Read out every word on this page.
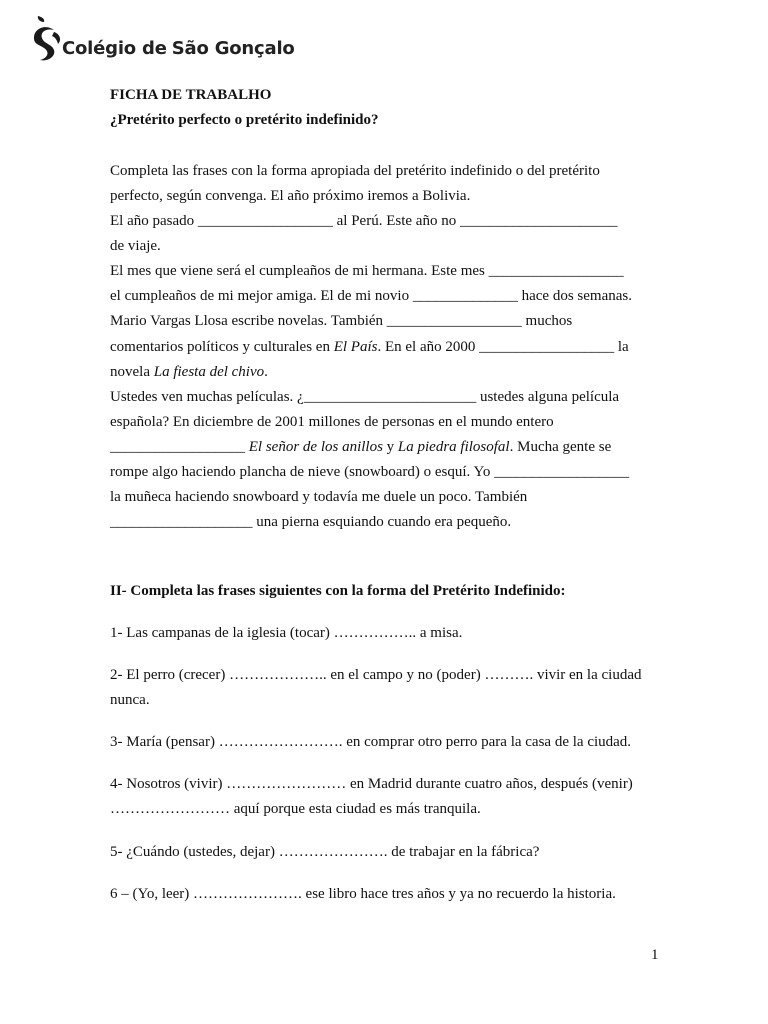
Colégio de São Gonçalo
FICHA DE TRABALHO
¿Pretérito perfecto o pretérito indefinido?
Completa las frases con la forma apropiada del pretérito indefinido o del pretérito
perfecto, según convenga. El año próximo iremos a Bolivia.
El año pasado __________________ al Perú. Este año no _____________________
de viaje.
El mes que viene será el cumpleaños de mi hermana. Este mes __________________
el cumpleaños de mi mejor amiga. El de mi novio ______________ hace dos semanas.
Mario Vargas Llosa escribe novelas. También __________________ muchos
comentarios políticos y culturales en El País. En el año 2000 __________________ la
novela La fiesta del chivo.
Ustedes ven muchas películas. ¿_______________________ ustedes alguna película
española? En diciembre de 2001 millones de personas en el mundo entero
__________________ El señor de los anillos y La piedra filosofal. Mucha gente se
rompe algo haciendo plancha de nieve (snowboard) o esquí. Yo __________________
la muñeca haciendo snowboard y todavía me duele un poco. También
___________________ una pierna esquiando cuando era pequeño.
II- Completa las frases siguientes con la forma del Pretérito Indefinido:
1- Las campanas de la iglesia (tocar) …………….. a misa.
2- El perro (crecer) ……………….. en el campo y no (poder) ………. vivir en la ciudad
nunca.
3- María (pensar) ……………………. en comprar otro perro para la casa de la ciudad.
4- Nosotros (vivir) …………………… en Madrid durante cuatro años, después (venir)
…………………… aquí porque esta ciudad es más tranquila.
5- ¿Cuándo (ustedes, dejar) …………………. de trabajar en la fábrica?
6 – (Yo, leer) …………………. ese libro hace tres años y ya no recuerdo la historia.
1
